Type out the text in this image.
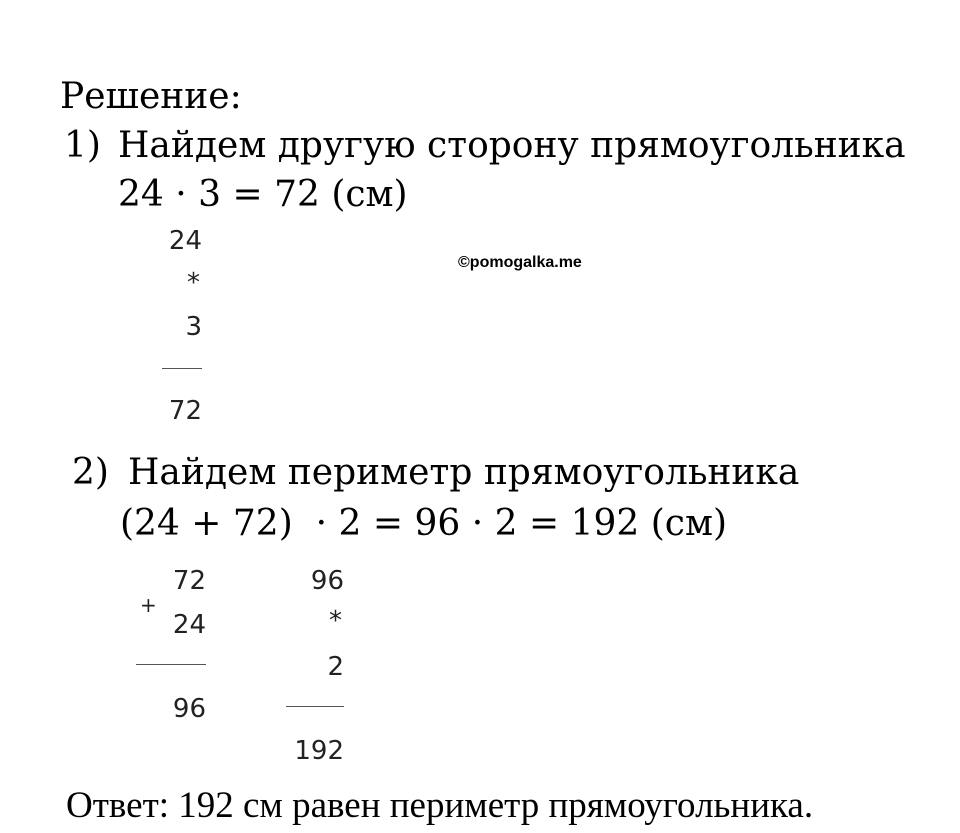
Решение:
1) Найдем другую сторону прямоугольника
24 · 3 = 72 (см)
24
*
3
72
©pomogalka.me
2) Найдем периметр прямоугольника
(24 + 72)  · 2 = 96 · 2 = 192 (см)
+
72
24
96
96
*
2
192
Ответ: 192 см равен периметр прямоугольника.
